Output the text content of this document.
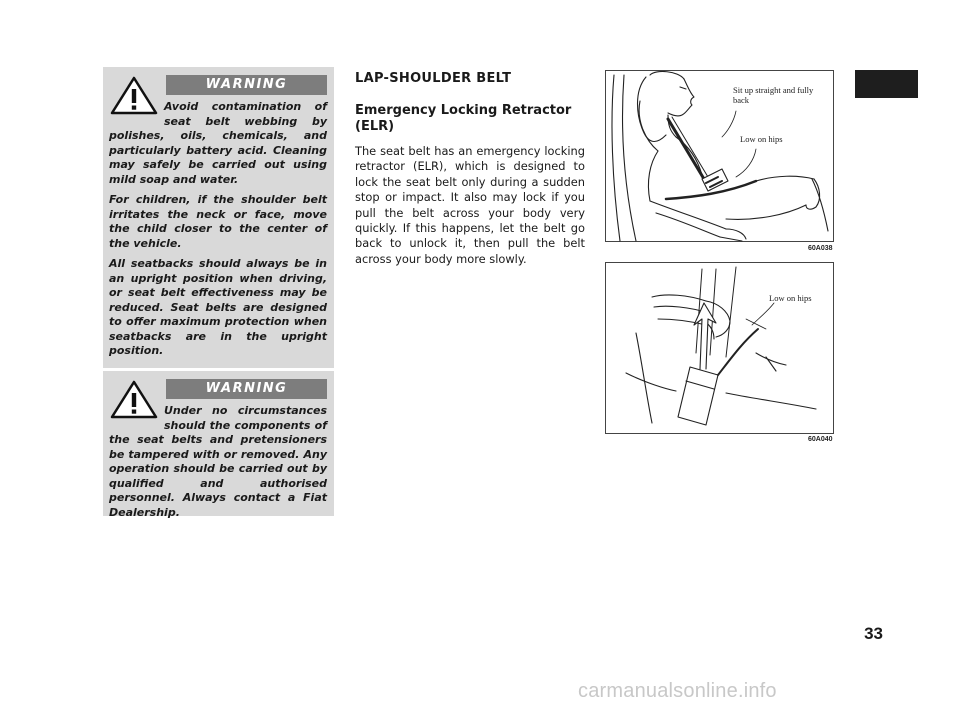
WARNING

Avoid contamination of seat belt webbing by polishes, oils, chemicals, and particularly battery acid. Cleaning may safely be carried out using mild soap and water.

For children, if the shoulder belt irritates the neck or face, move the child closer to the center of the vehicle.

All seatbacks should always be in an upright position when driving, or seat belt effectiveness may be reduced. Seat belts are designed to offer maximum protection when seatbacks are in the upright position.

WARNING

Under no circumstances should the components of the seat belts and pretensioners be tampered with or removed. Any operation should be carried out by qualified and authorised personnel. Always contact a Fiat Dealership.

LAP-SHOULDER BELT
Emergency Locking Retractor (ELR)
The seat belt has an emergency locking retractor (ELR), which is designed to lock the seat belt only during a sudden stop or impact. It also may lock if you pull the belt across your body very quickly. If this happens, let the belt go back to unlock it, then pull the belt across your body more slowly.
Sit up straight and fully back
Low on hips
60A038
Low on hips
60A040
33
carmanualsonline.info
